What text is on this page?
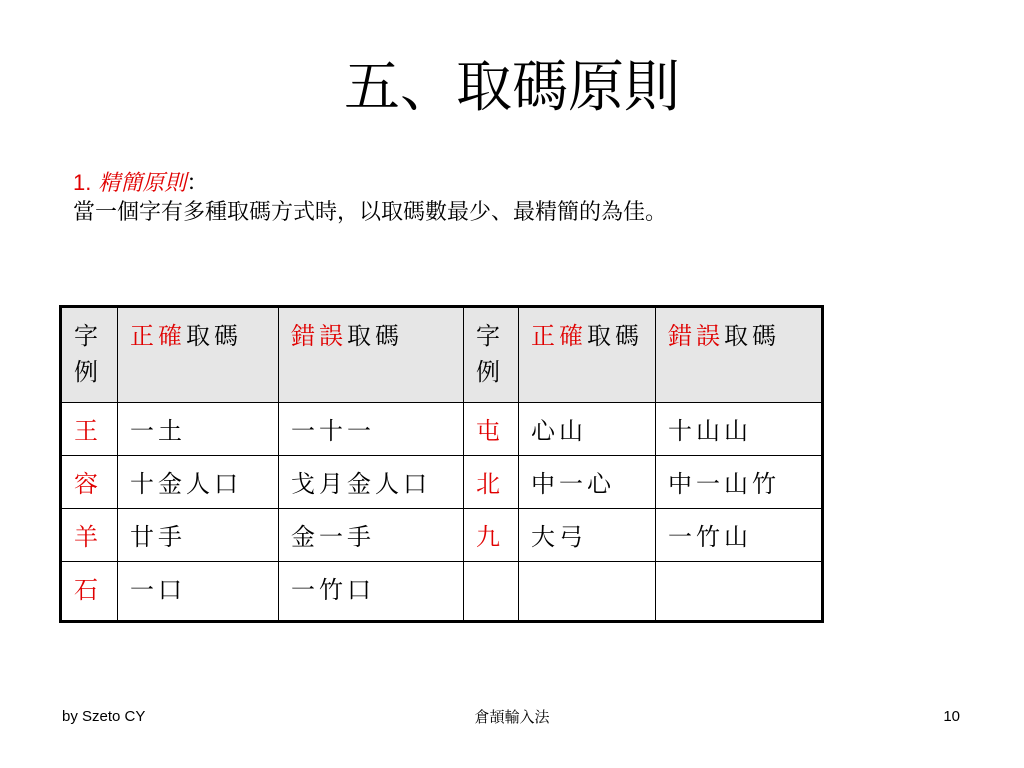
五、取碼原則
1. 精簡原則：
當一個字有多種取碼方式時，以取碼數最少、最精簡的為佳。
字例	正確取碼	錯誤取碼	字例	正確取碼	錯誤取碼
王	一土	一十一	屯	心山	十山山
容	十金人口	戈月金人口	北	中一心	中一山竹
羊	廿手	金一手	九	大弓	一竹山
石	一口	一竹口			
by Szeto CY	倉頡輸入法	10
